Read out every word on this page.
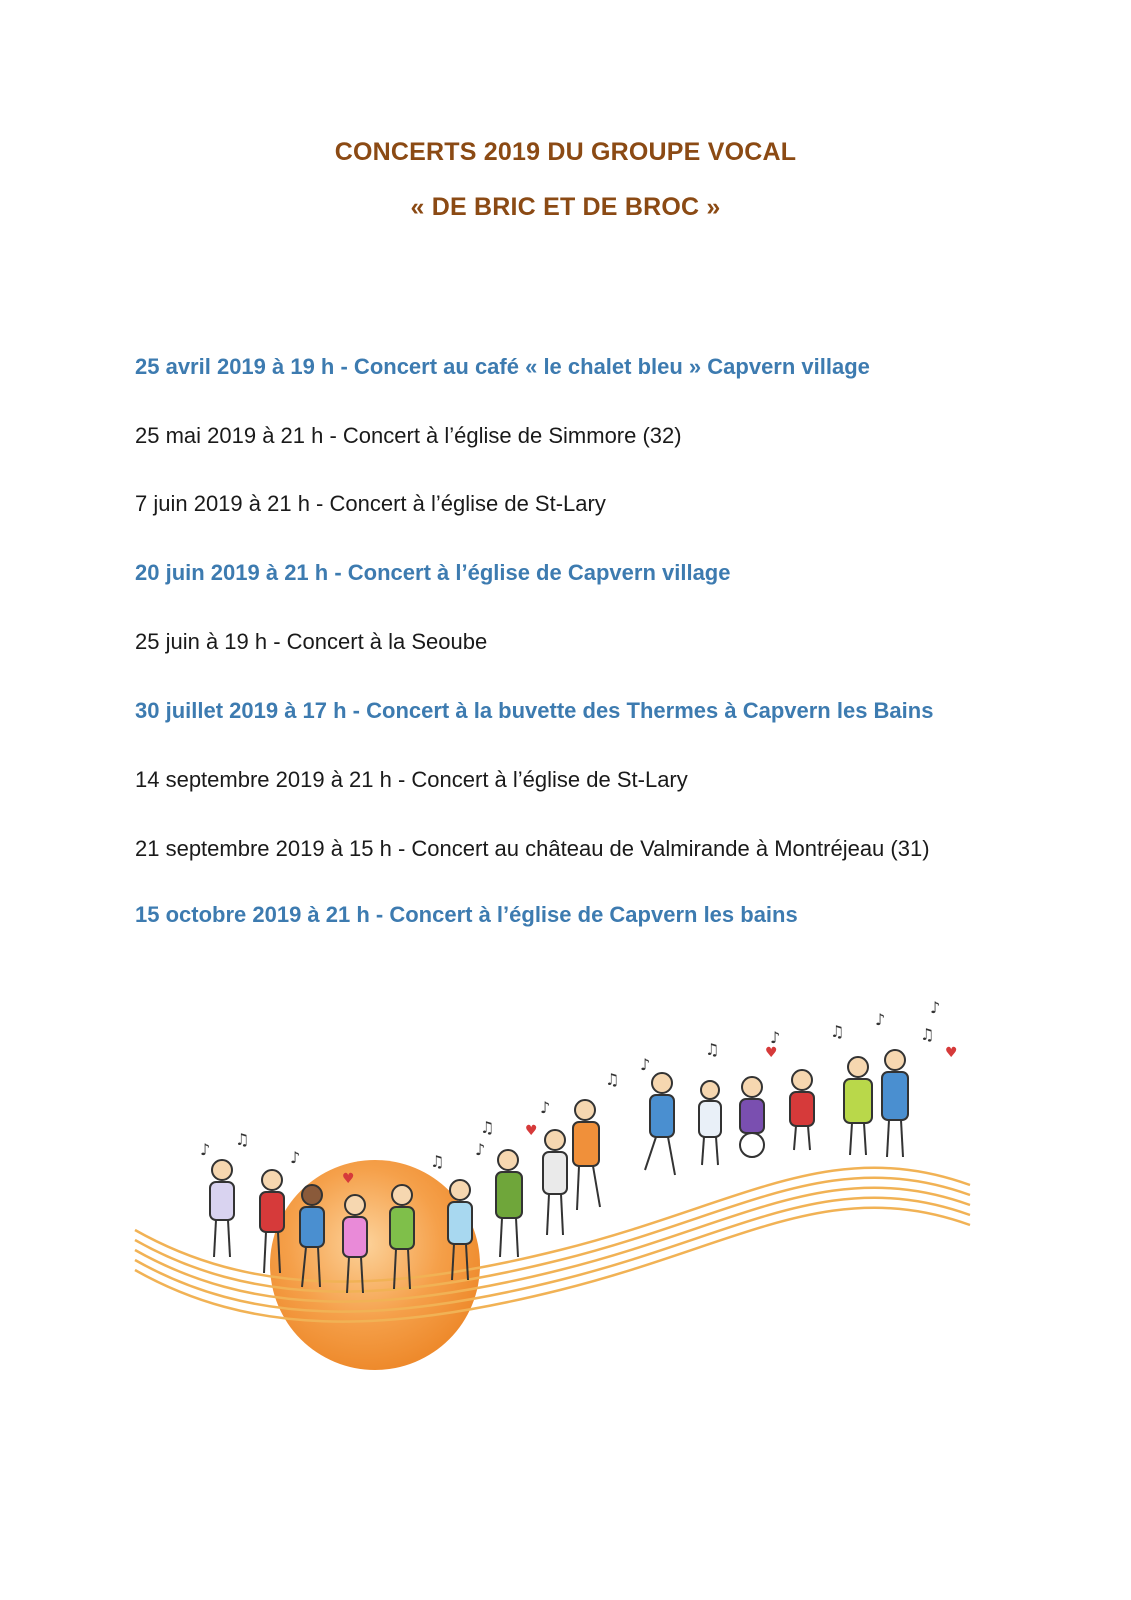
CONCERTS 2019 DU GROUPE VOCAL
« DE BRIC ET DE BROC »
25 avril 2019 à 19 h - Concert au café « le chalet bleu » Capvern village
25 mai 2019 à 21 h - Concert à l’église de Simmore (32)
7 juin 2019 à 21 h - Concert à l’église de St-Lary
20 juin 2019 à 21 h - Concert à l’église de Capvern village
25 juin à 19 h - Concert à la Seoube
30 juillet 2019 à 17 h - Concert à la buvette des Thermes à Capvern les Bains
14 septembre 2019 à 21 h - Concert à l’église de St-Lary
21 septembre 2019 à 15 h - Concert au château de Valmirande à Montréjeau (31)
15 octobre 2019 à 21 h - Concert à l’église de Capvern les bains
♪
♫
♪	♫
♪
♫
♪
♫
♪
♫
♪	♫
♪
♫
♪
♥
♥
♥	♥
